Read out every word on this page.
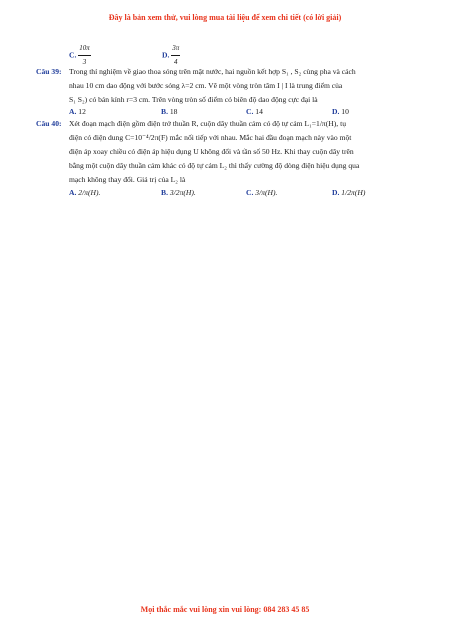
Đây là bản xem thử, vui lòng mua tài liệu để xem chi tiết (có lời giải)
C. $\frac{10\pi}{3}$	D. $\frac{3\pi}{4}$
Câu 39: Trong thí nghiệm về giao thoa sóng trên mặt nước, hai nguồn kết hợp S₁ , S₂ cùng pha và cách
nhau 10 cm dao động với bước sóng λ=2 cm. Vẽ một vòng tròn tâm I | I là trung điểm của
S₁ S₂) có bán kính r=3 cm. Trên vòng tròn số điểm có biên độ dao động cực đại là
A. 12	B. 18	C. 14	D. 10
Câu 40: Xét đoạn mạch điện gồm điện trở thuần R, cuộn dây thuần cảm có độ tự cảm L₁=1/π(H), tụ
điện có điện dung C=10⁻⁴/2π(F) mắc nối tiếp với nhau. Mắc hai đầu đoạn mạch này vào một
điện áp xoay chiều có điện áp hiệu dụng U không đổi và tần số 50 Hz. Khi thay cuộn dây trên
bằng một cuộn dây thuần cảm khác có độ tự cảm L₂ thì thấy cường độ dòng điện hiệu dụng qua
mạch không thay đổi. Giá trị của L₂ là
A. 2/π(H).	B. 3/2π(H).	C. 3/π(H).	D. 1/2π(H)
Mọi thắc mắc vui lòng xin vui lòng: 084 283 45 85
